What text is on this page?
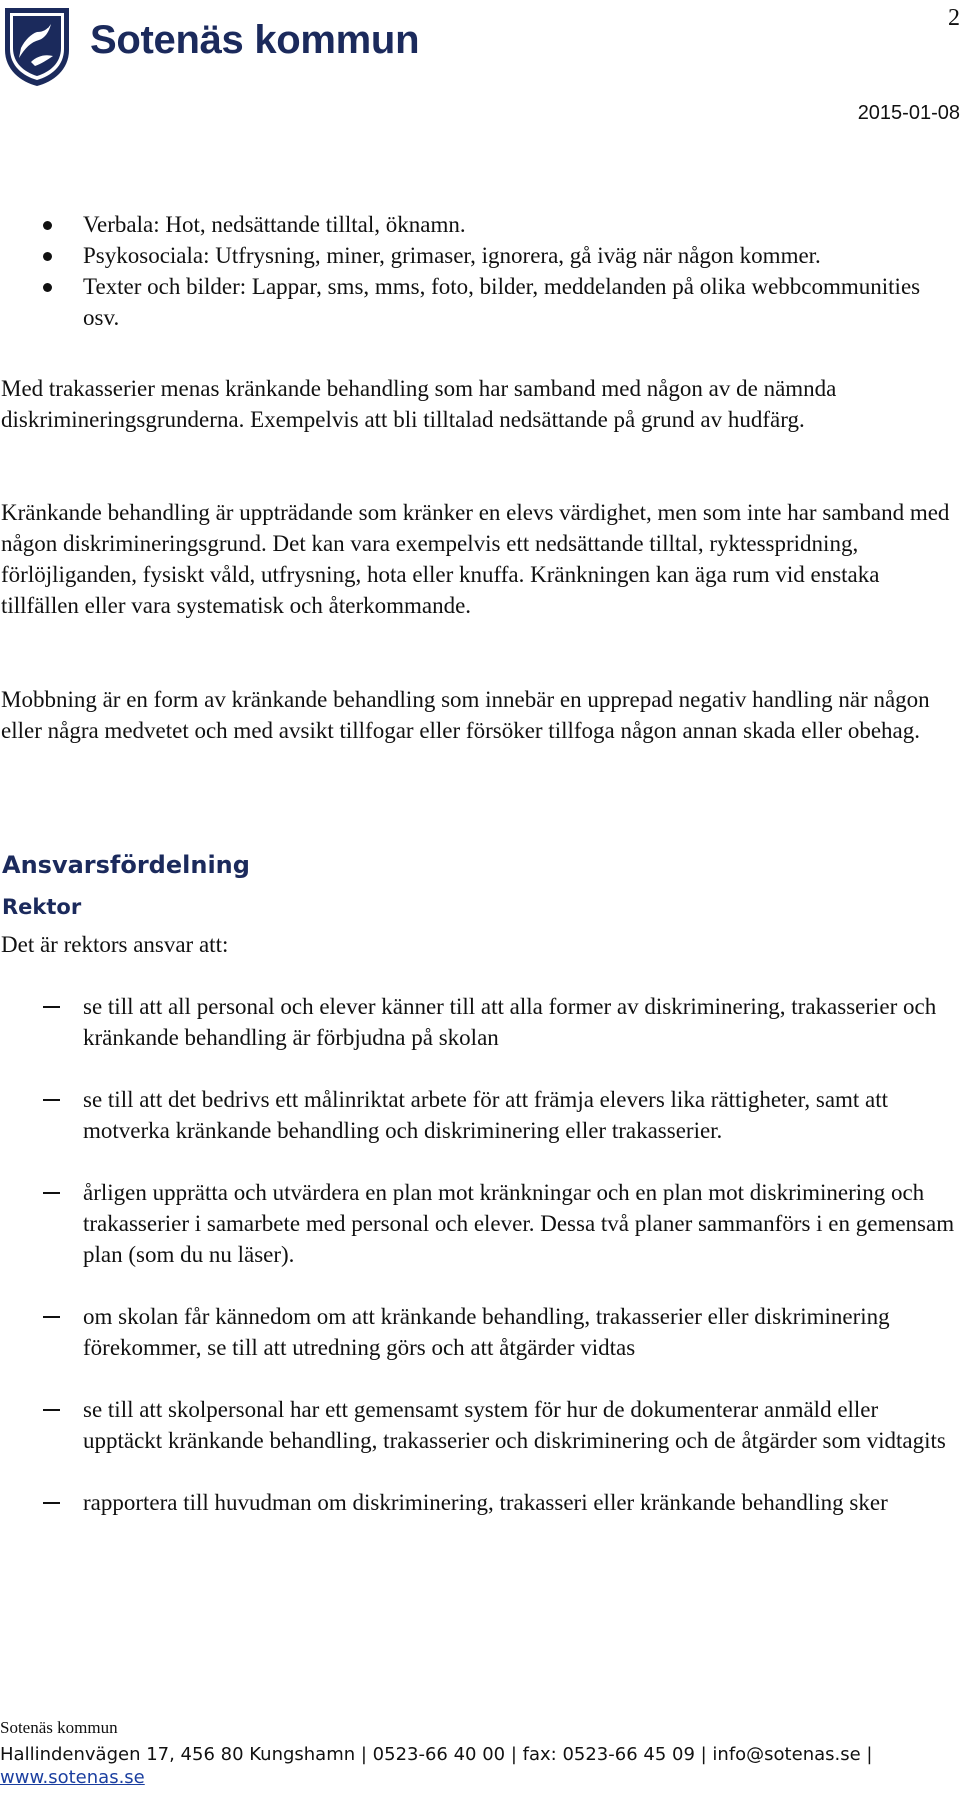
Sotenäs kommun	2
2015-01-08
Verbala: Hot, nedsättande tilltal, öknamn.
Psykosociala: Utfrysning, miner, grimaser, ignorera, gå iväg när någon kommer.
Texter och bilder: Lappar, sms, mms, foto, bilder, meddelanden på olika webbcommunities osv.

Med trakasserier menas kränkande behandling som har samband med någon av de nämnda diskrimineringsgrunderna. Exempelvis att bli tilltalad nedsättande på grund av hudfärg.

Kränkande behandling är uppträdande som kränker en elevs värdighet, men som inte har samband med någon diskrimineringsgrund. Det kan vara exempelvis ett nedsättande tilltal, ryktesspridning, förlöjliganden, fysiskt våld, utfrysning, hota eller knuffa. Kränkningen kan äga rum vid enstaka tillfällen eller vara systematisk och återkommande.

Mobbning är en form av kränkande behandling som innebär en upprepad negativ handling när någon eller några medvetet och med avsikt tillfogar eller försöker tillfoga någon annan skada eller obehag.

Ansvarsfördelning
Rektor
Det är rektors ansvar att:
se till att all personal och elever känner till att alla former av diskriminering, trakasserier och kränkande behandling är förbjudna på skolan
se till att det bedrivs ett målinriktat arbete för att främja elevers lika rättigheter, samt att motverka kränkande behandling och diskriminering eller trakasserier.
årligen upprätta och utvärdera en plan mot kränkningar och en plan mot diskriminering och trakasserier i samarbete med personal och elever. Dessa två planer sammanförs i en gemensam plan (som du nu läser).
om skolan får kännedom om att kränkande behandling, trakasserier eller diskriminering förekommer, se till att utredning görs och att åtgärder vidtas
se till att skolpersonal har ett gemensamt system för hur de dokumenterar anmäld eller upptäckt kränkande behandling, trakasserier och diskriminering och de åtgärder som vidtagits
rapportera till huvudman om diskriminering, trakasseri eller kränkande behandling sker
Sotenäs kommun
Hallindenvägen 17, 456 80 Kungshamn | 0523-66 40 00 | fax: 0523-66 45 09 | info@sotenas.se |
www.sotenas.se
